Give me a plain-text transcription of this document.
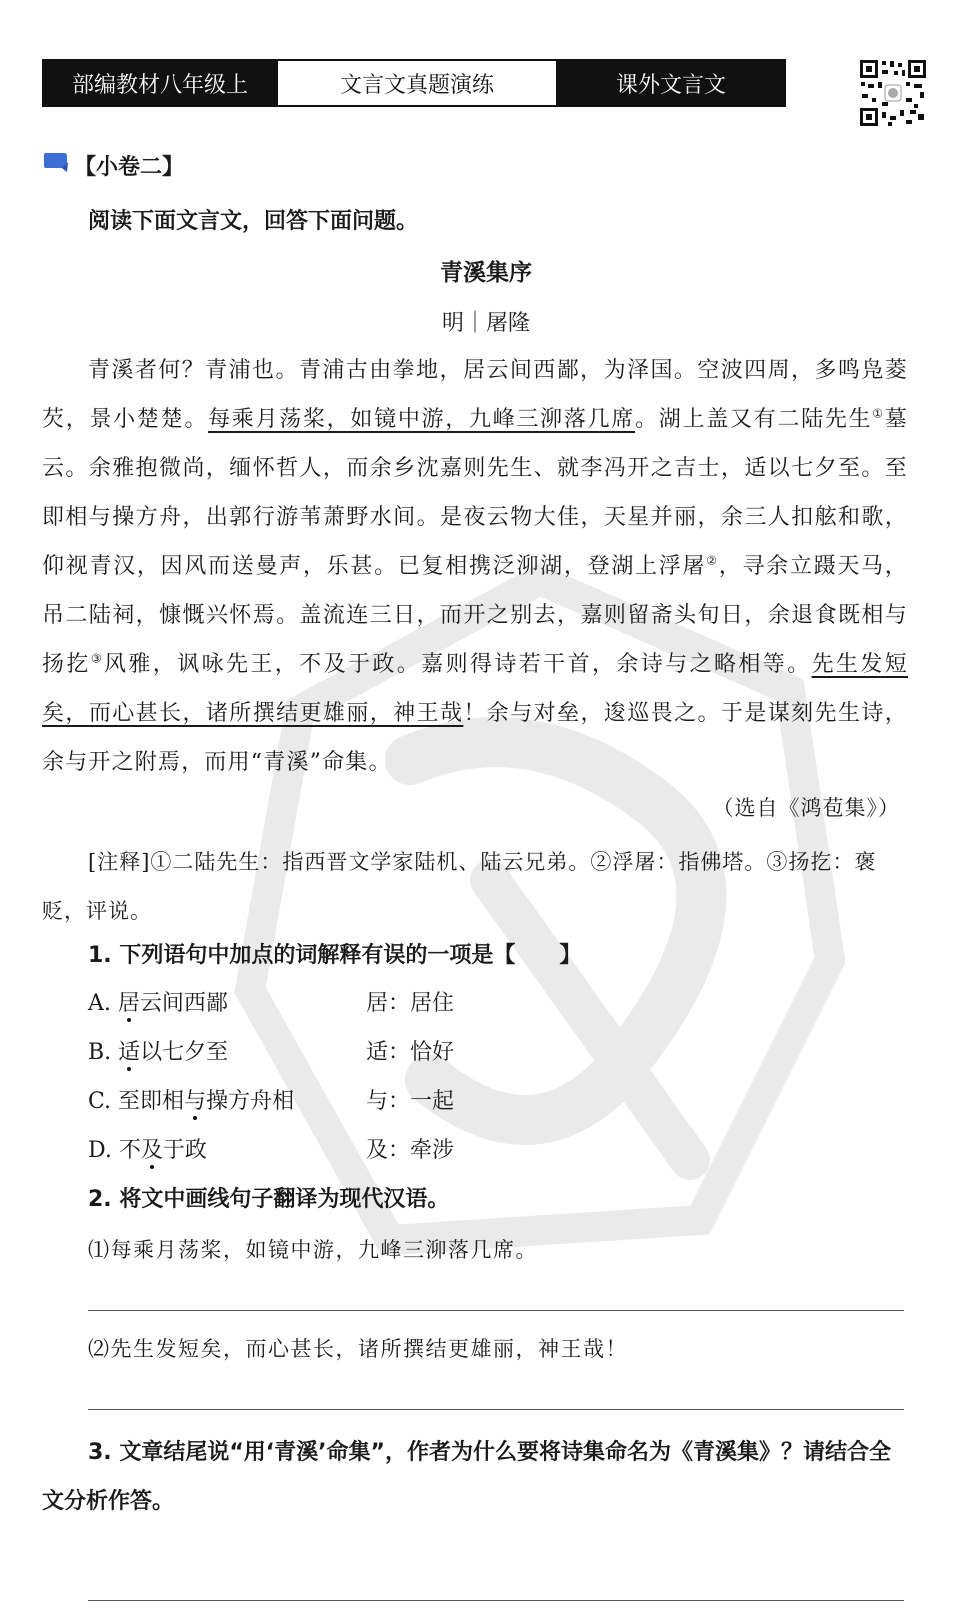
部编教材八年级上	文言文真题演练	课外文言文
【小卷二】
阅读下面文言文，回答下面问题。
青溪集序
明｜屠隆

青溪者何？青浦也。青浦古由拳地，居云间西鄙，为泽国。空波四周，多鸣凫菱芡，景小楚楚。每乘月荡桨，如镜中游，九峰三泖落几席。湖上盖又有二陆先生①墓云。余雅抱微尚，缅怀哲人，而余乡沈嘉则先生、就李冯开之吉士，适以七夕至。至即相与操方舟，出郭行游苇萧野水间。是夜云物大佳，天星并丽，余三人扣舷和歌，仰视青汉，因风而送曼声，乐甚。已复相携泛泖湖，登湖上浮屠②，寻余立蹑天马，吊二陆祠，慷慨兴怀焉。盖流连三日，而开之别去，嘉则留斋头旬日，余退食既相与扬扢③风雅，讽咏先王，不及于政。嘉则得诗若干首，余诗与之略相等。先生发短矣，而心甚长，诸所撰结更雄丽，神王哉！余与对垒，逡巡畏之。于是谋刻先生诗，余与开之附焉，而用“青溪”命集。

（选自《鸿苞集》）

[注释]①二陆先生：指西晋文学家陆机、陆云兄弟。②浮屠：指佛塔。③扬扢：褒贬，评说。

1. 下列语句中加点的词解释有误的一项是【　　】
A. 居云间西鄙	居：居住
B. 适以七夕至	适：恰好
C. 至即相与操方舟相	与：一起
D. 不及于政	及：牵涉
2. 将文中画线句子翻译为现代汉语。
⑴每乘月荡桨，如镜中游，九峰三泖落几席。
⑵先生发短矣，而心甚长，诸所撰结更雄丽，神王哉！

3. 文章结尾说“用‘青溪’命集”，作者为什么要将诗集命名为《青溪集》？请结合全文分析作答。
